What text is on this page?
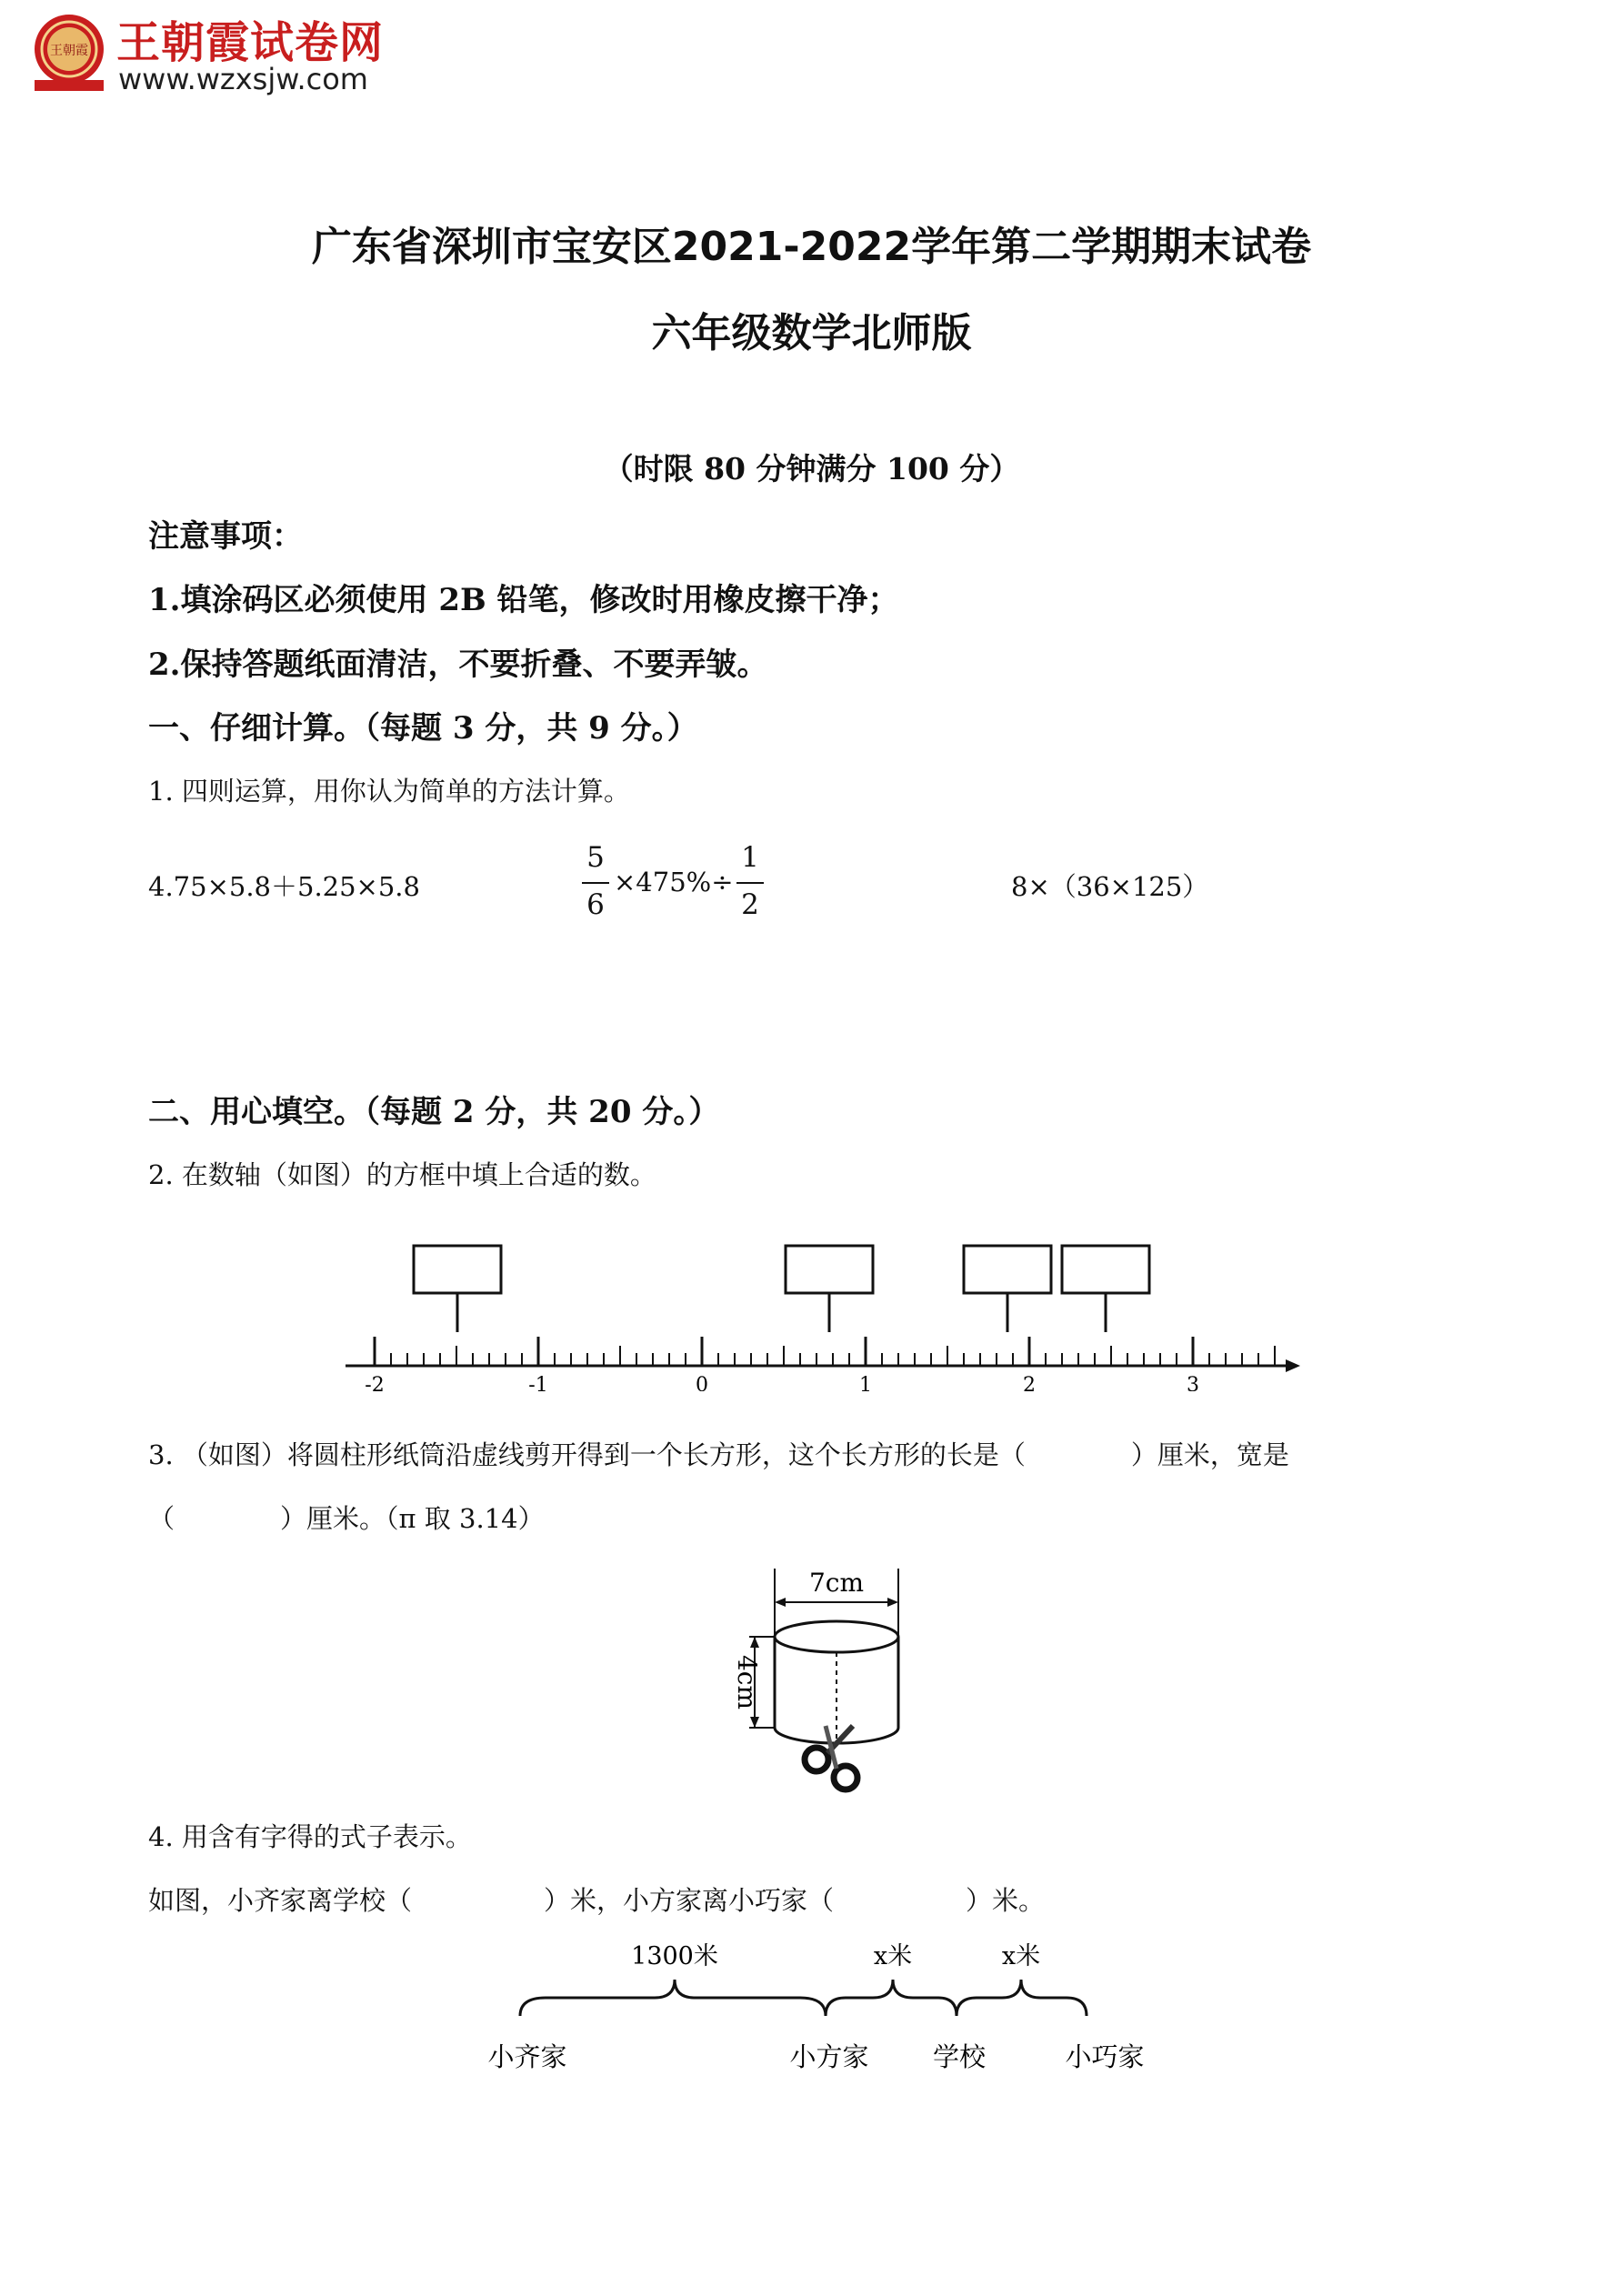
王朝霞 王朝霞试卷网
www.wzxsjw.com
广东省深圳市宝安区2021-2022学年第二学期期末试卷
六年级数学北师版
（时限 80 分钟满分 100 分）
注意事项：
1.填涂码区必须使用 2B 铅笔，修改时用橡皮擦干净；
2.保持答题纸面清洁，不要折叠、不要弄皱。
一、仔细计算。（每题 3 分，共 9 分。）
1. 四则运算，用你认为简单的方法计算。
4.75×5.8＋5.25×5.8
5
6
×475%÷
1
2
8×（36×125）
二、用心填空。（每题 2 分，共 20 分。）
2. 在数轴（如图）的方框中填上合适的数。
-2	-1	0	1	2	3
3. （如图）将圆柱形纸筒沿虚线剪开得到一个长方形，这个长方形的长是（　　　　）厘米，宽是
（　　　　）厘米。（π 取 3.14）
7cm
4cm
4. 用含有字得的式子表示。
如图，小齐家离学校（　　　　　）米，小方家离小巧家（　　　　　）米。
1300米	x米	x米
小齐家	小方家 学校	小巧家
